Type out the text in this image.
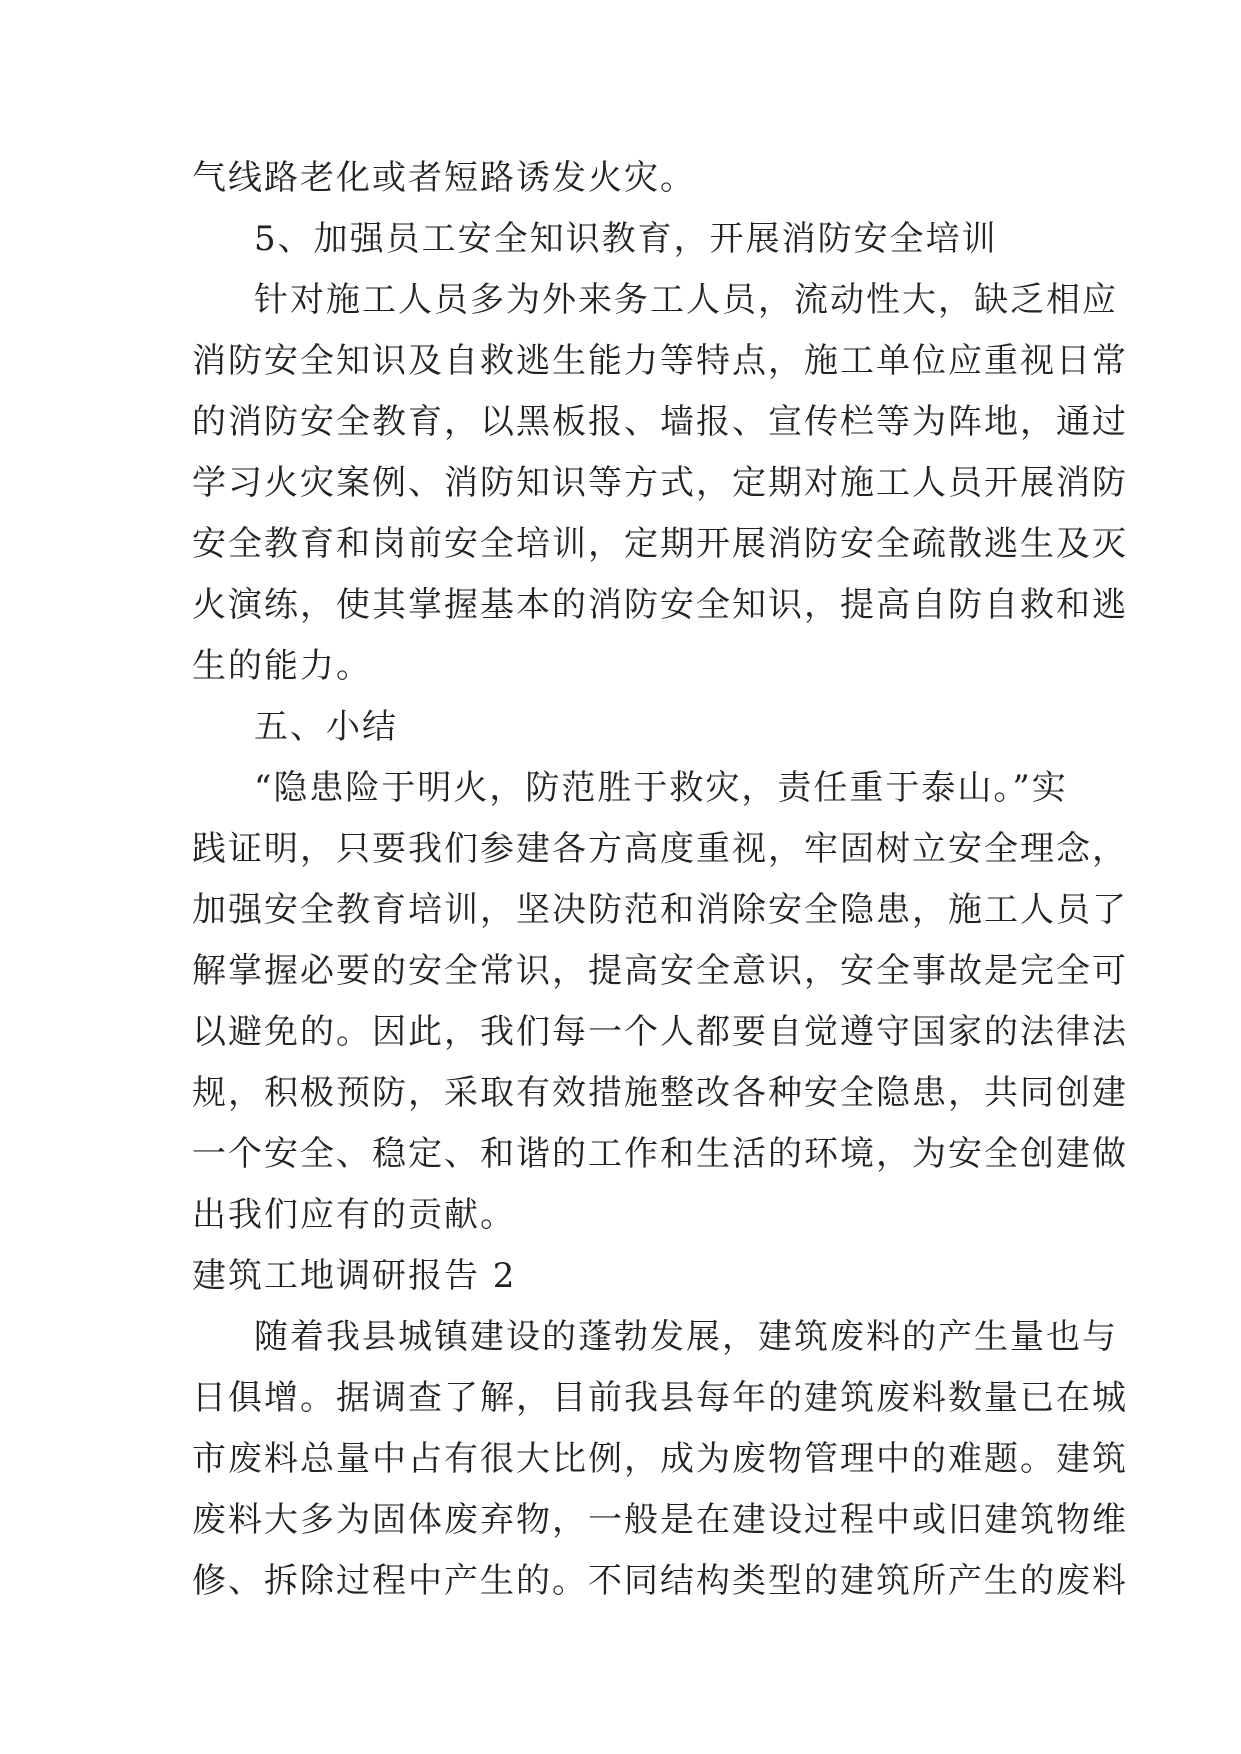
气线路老化或者短路诱发火灾。

5、加强员工安全知识教育，开展消防安全培训

针对施工人员多为外来务工人员，流动性大，缺乏相应

消防安全知识及自救逃生能力等特点，施工单位应重视日常

的消防安全教育，以黑板报、墙报、宣传栏等为阵地，通过

学习火灾案例、消防知识等方式，定期对施工人员开展消防

安全教育和岗前安全培训，定期开展消防安全疏散逃生及灭

火演练，使其掌握基本的消防安全知识，提高自防自救和逃

生的能力。

五、小结

“隐患险于明火，防范胜于救灾，责任重于泰山。”实

践证明，只要我们参建各方高度重视，牢固树立安全理念，

加强安全教育培训，坚决防范和消除安全隐患，施工人员了

解掌握必要的安全常识，提高安全意识，安全事故是完全可

以避免的。因此，我们每一个人都要自觉遵守国家的法律法

规，积极预防，采取有效措施整改各种安全隐患，共同创建

一个安全、稳定、和谐的工作和生活的环境，为安全创建做

出我们应有的贡献。

建筑工地调研报告 2

随着我县城镇建设的蓬勃发展，建筑废料的产生量也与

日俱增。据调查了解，目前我县每年的建筑废料数量已在城

市废料总量中占有很大比例，成为废物管理中的难题。建筑

废料大多为固体废弃物，一般是在建设过程中或旧建筑物维

修、拆除过程中产生的。不同结构类型的建筑所产生的废料
